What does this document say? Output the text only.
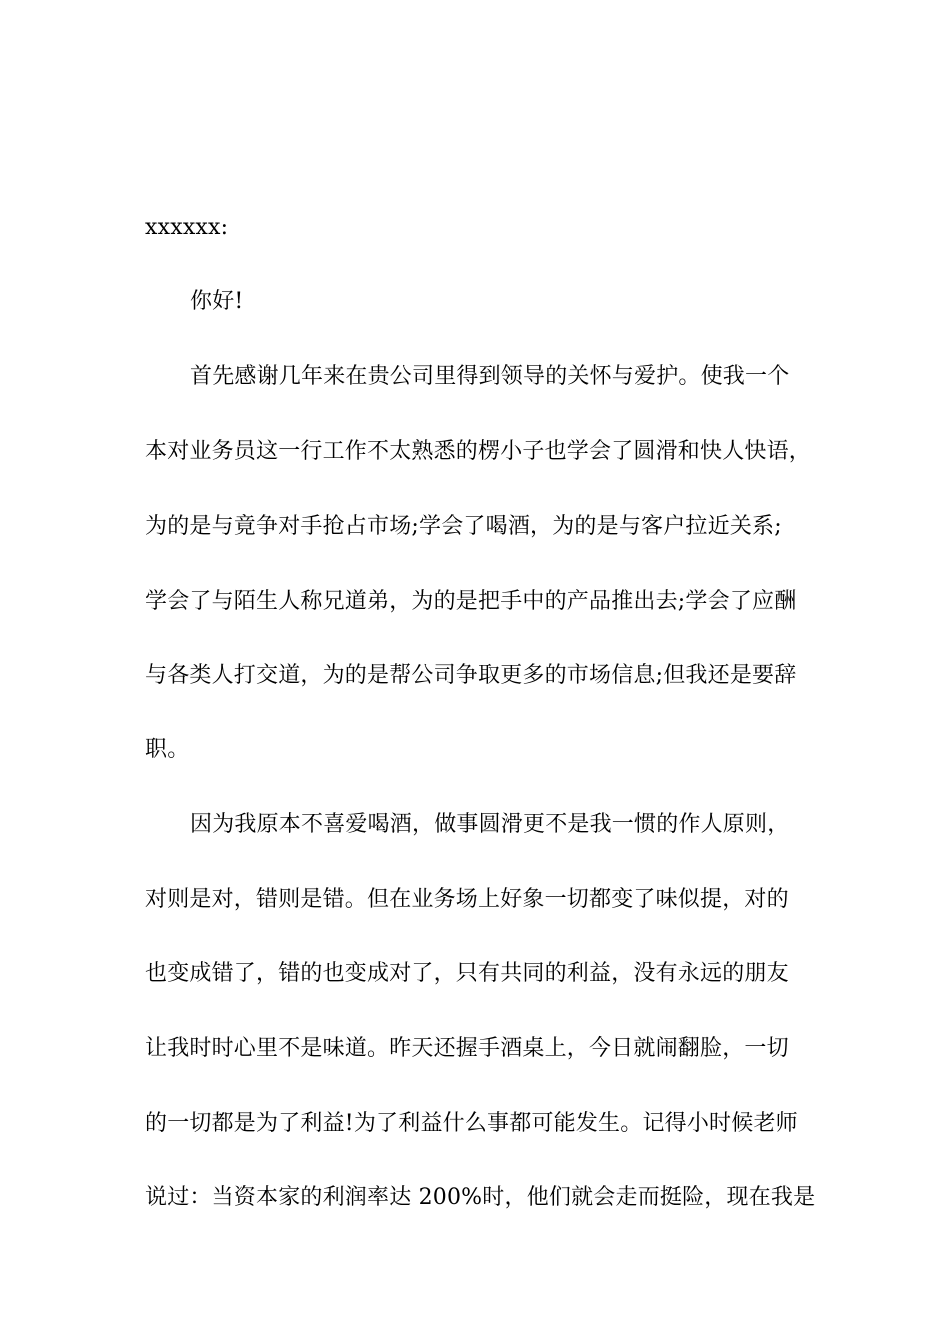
xxxxxx:
你好!
首先感谢几年来在贵公司里得到领导的关怀与爱护。使我一个
本对业务员这一行工作不太熟悉的楞小子也学会了圆滑和快人快语，
为的是与竟争对手抢占市场;学会了喝酒，为的是与客户拉近关系;
学会了与陌生人称兄道弟，为的是把手中的产品推出去;学会了应酬
与各类人打交道，为的是帮公司争取更多的市场信息;但我还是要辞
职。
因为我原本不喜爱喝酒，做事圆滑更不是我一惯的作人原则，
对则是对，错则是错。但在业务场上好象一切都变了味似提，对的
也变成错了，错的也变成对了，只有共同的利益，没有永远的朋友
让我时时心里不是味道。昨天还握手酒桌上，今日就闹翻脸，一切
的一切都是为了利益!为了利益什么事都可能发生。记得小时候老师
说过：当资本家的利润率达 200%时，他们就会走而挺险，现在我是
